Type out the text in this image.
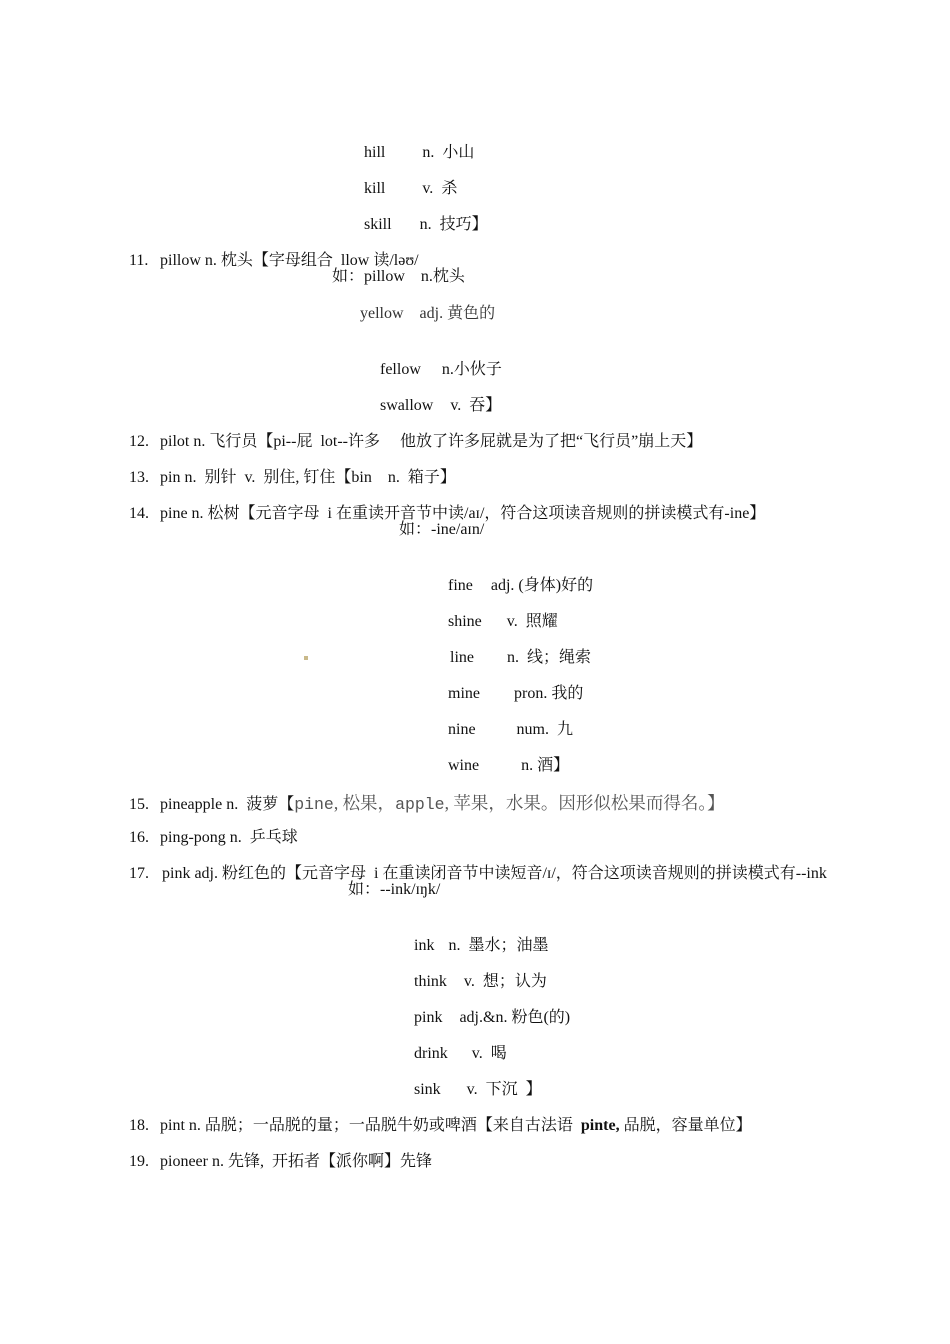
hill n. 小山

kill v. 杀

skill n. 技巧】

11. pillow n. 枕头【字母组合  llow 读/ləʊ/

如：pillow    n.枕头
yellow    adj. 黄色的

fellow n.小伙子

swallow v. 吞】

12. pilot n. 飞行员【pi--屁  lot--许多     他放了许多屁就是为了把“飞行员”崩上天】

13. pin n.  别针  v.  别住, 钉住【bin    n.  箱子】

14. pine n. 松树【元音字母  i 在重读开音节中读/aɪ/，符合这项读音规则的拼读模式有-ine】

如：-ine/aɪn/

fine adj. (身体)好的

shine v. 照耀

line n. 线；绳索

mine pron. 我的

nine	num. 九

wine	n. 酒】

15. pineapple n.  菠萝【pine, 松果，apple, 苹果，水果。因形似松果而得名。】

16. ping-pong n.  乒乓球

17. pink adj. 粉红色的【元音字母  i 在重读闭音节中读短音/ɪ/，符合这项读音规则的拼读模式有--ink

如：--ink/ɪŋk/

ink n. 墨水；油墨

think v. 想；认为

pink adj.&n. 粉色(的)

drink v. 喝

sink v. 下沉  】

18. pint n. 品脱；一品脱的量；一品脱牛奶或啤酒【来自古法语  pinte, 品脱，容量单位】

19. pioneer n. 先锋,  开拓者【派你啊】先锋
